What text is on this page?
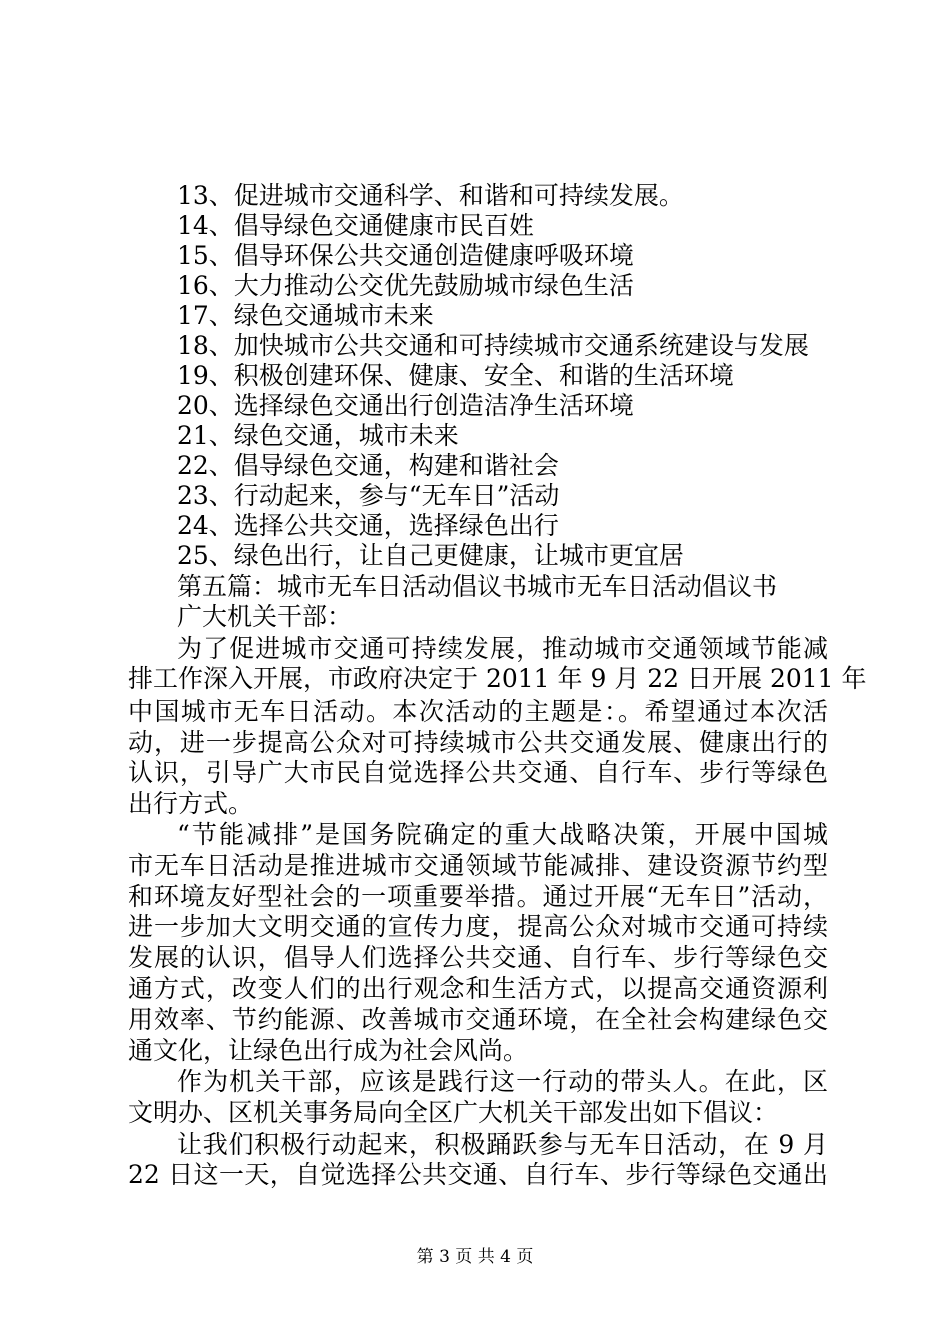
13、促进城市交通科学、和谐和可持续发展。
14、倡导绿色交通健康市民百姓
15、倡导环保公共交通创造健康呼吸环境
16、大力推动公交优先鼓励城市绿色生活
17、绿色交通城市未来
18、加快城市公共交通和可持续城市交通系统建设与发展
19、积极创建环保、健康、安全、和谐的生活环境
20、选择绿色交通出行创造洁净生活环境
21、绿色交通，城市未来
22、倡导绿色交通，构建和谐社会
23、行动起来，参与“无车日”活动
24、选择公共交通，选择绿色出行
25、绿色出行，让自己更健康，让城市更宜居
第五篇：城市无车日活动倡议书城市无车日活动倡议书
广大机关干部：
为了促进城市交通可持续发展，推动城市交通领域节能减
排工作深入开展，市政府决定于 2011 年 9 月 22 日开展 2011 年
中国城市无车日活动。本次活动的主题是：。希望通过本次活
动，进一步提高公众对可持续城市公共交通发展、健康出行的
认识，引导广大市民自觉选择公共交通、自行车、步行等绿色
出行方式。
“节能减排”是国务院确定的重大战略决策，开展中国城
市无车日活动是推进城市交通领域节能减排、建设资源节约型
和环境友好型社会的一项重要举措。通过开展“无车日”活动，
进一步加大文明交通的宣传力度，提高公众对城市交通可持续
发展的认识，倡导人们选择公共交通、自行车、步行等绿色交
通方式，改变人们的出行观念和生活方式，以提高交通资源利
用效率、节约能源、改善城市交通环境，在全社会构建绿色交
通文化，让绿色出行成为社会风尚。
作为机关干部，应该是践行这一行动的带头人。在此，区
文明办、区机关事务局向全区广大机关干部发出如下倡议：
让我们积极行动起来，积极踊跃参与无车日活动，在 9 月
22 日这一天，自觉选择公共交通、自行车、步行等绿色交通出
第 3 页 共 4 页
